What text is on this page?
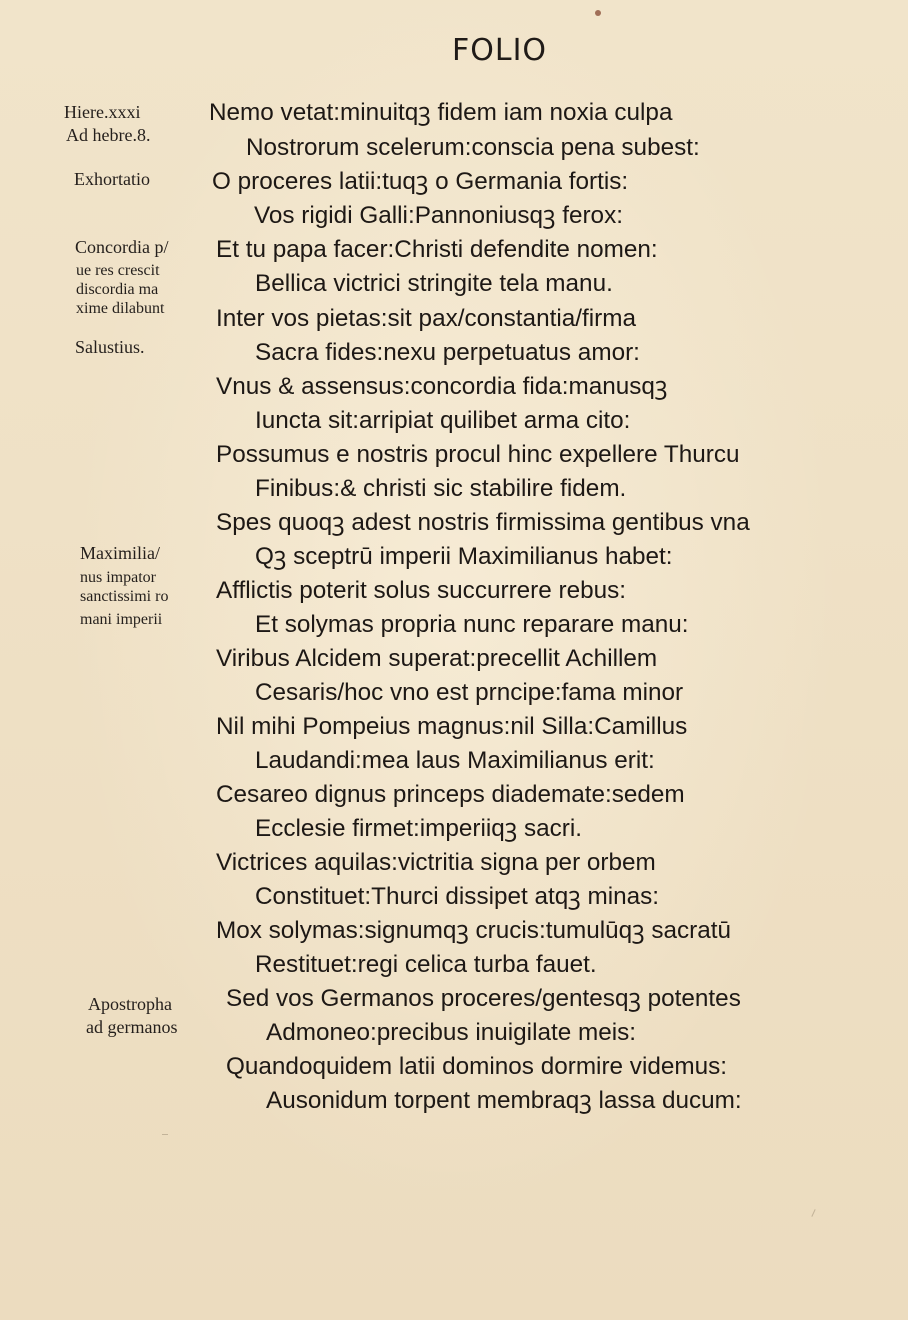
FOLIO
Hiere.xxxi
Ad hebre.8.
Exhortatio
Concordia p/
ue res crescit
discordia ma
xime dilabunt
Salustius.
Maximilia/
nus impator
sanctissimi ro
mani imperii
Apostropha
ad germanos
Nemo vetat:minuitqꝫ fidem iam noxia culpa
Nostrorum scelerum:conscia pena subest:
O proceres latii:tuqꝫ o Germania fortis:
Vos rigidi Galli:Pannoniusqꝫ ferox:
Et tu papa facer:Christi defendite nomen:
Bellica victrici stringite tela manu.
Inter vos pietas:sit pax/constantia/firma
Sacra fides:nexu perpetuatus amor:
Vnus & assensus:concordia fida:manusqꝫ
Iuncta sit:arripiat quilibet arma cito:
Possumus e nostris procul hinc expellere Thurcu
Finibus:& christi sic stabilire fidem.
Spes quoqꝫ adest nostris firmissima gentibus vna
Qꝫ sceptrū imperii Maximilianus habet:
Afflictis poterit solus succurrere rebus:
Et solymas propria nunc reparare manu:
Viribus Alcidem superat:precellit Achillem
Cesaris/hoc vno est prncipe:fama minor
Nil mihi Pompeius magnus:nil Silla:Camillus
Laudandi:mea laus Maximilianus erit:
Cesareo dignus princeps diademate:sedem
Ecclesie firmet:imperiiqꝫ sacri.
Victrices aquilas:victritia signa per orbem
Constituet:Thurci dissipet atqꝫ minas:
Mox solymas:signumqꝫ crucis:tumulūqꝫ sacratū
Restituet:regi celica turba fauet.
Sed vos Germanos proceres/gentesqꝫ potentes
Admoneo:precibus inuigilate meis:
Quandoquidem latii dominos dormire videmus:
Ausonidum torpent membraqꝫ lassa ducum:
